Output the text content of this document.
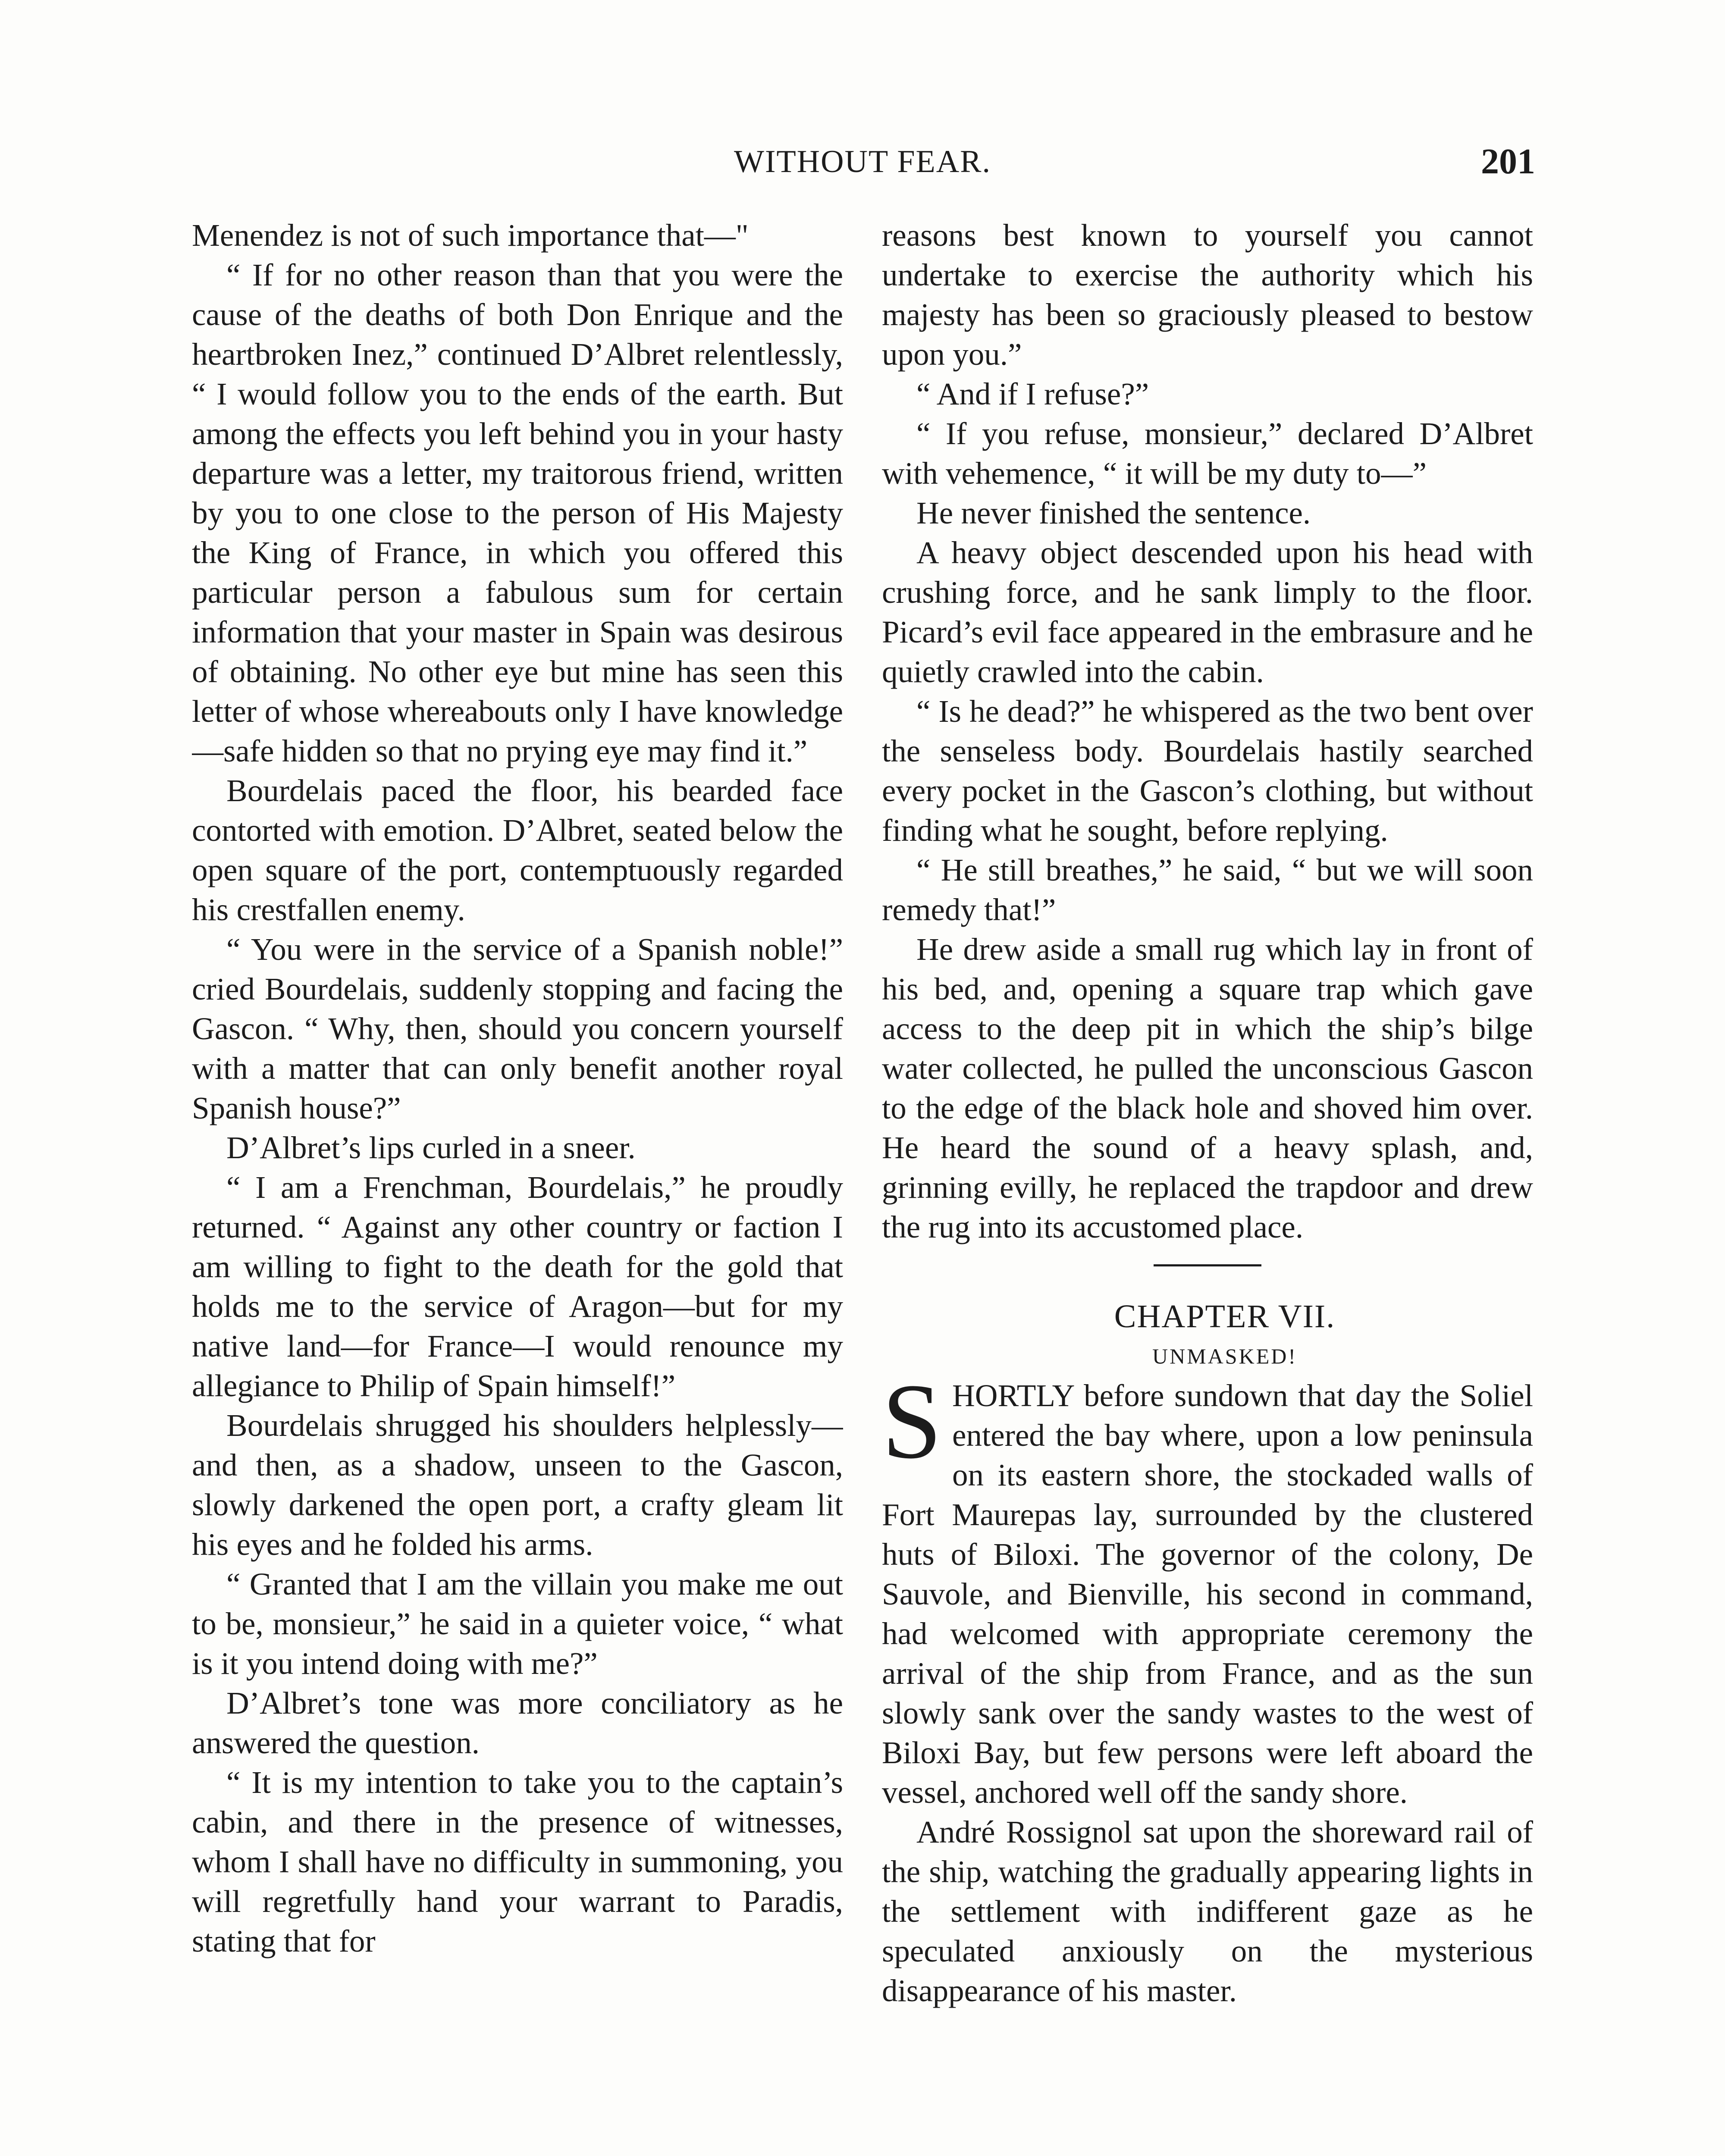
WITHOUT FEAR.	201

Menendez is not of such importance that—"

“ If for no other reason than that you were the cause of the deaths of both Don Enrique and the heartbroken Inez,” continued D’Albret relentlessly, “ I would follow you to the ends of the earth. But among the effects you left behind you in your hasty departure was a letter, my traitorous friend, written by you to one close to the person of His Majesty the King of France, in which you offered this particular person a fabulous sum for certain information that your master in Spain was desirous of obtaining. No other eye but mine has seen this letter of whose whereabouts only I have knowledge—safe hidden so that no prying eye may find it.”

Bourdelais paced the floor, his bearded face contorted with emotion. D’Albret, seated below the open square of the port, contemptuously regarded his crestfallen enemy.

“ You were in the service of a Spanish noble!” cried Bourdelais, suddenly stopping and facing the Gascon. “ Why, then, should you concern yourself with a matter that can only benefit another royal Spanish house?”

D’Albret’s lips curled in a sneer.

“ I am a Frenchman, Bourdelais,” he proudly returned. “ Against any other country or faction I am willing to fight to the death for the gold that holds me to the service of Aragon—but for my native land—for France—I would renounce my allegiance to Philip of Spain himself!”

Bourdelais shrugged his shoulders helplessly—and then, as a shadow, unseen to the Gascon, slowly darkened the open port, a crafty gleam lit his eyes and he folded his arms.

“ Granted that I am the villain you make me out to be, monsieur,” he said in a quieter voice, “ what is it you intend doing with me?”

D’Albret’s tone was more conciliatory as he answered the question.

“ It is my intention to take you to the captain’s cabin, and there in the presence of witnesses, whom I shall have no difficulty in summoning, you will regretfully hand your warrant to Paradis, stating that for

reasons best known to yourself you cannot undertake to exercise the authority which his majesty has been so graciously pleased to bestow upon you.”

“ And if I refuse?”

“ If you refuse, monsieur,” declared D’Albret with vehemence, “ it will be my duty to—”

He never finished the sentence.

A heavy object descended upon his head with crushing force, and he sank limply to the floor. Picard’s evil face appeared in the embrasure and he quietly crawled into the cabin.

“ Is he dead?” he whispered as the two bent over the senseless body. Bourdelais hastily searched every pocket in the Gascon’s clothing, but without finding what he sought, before replying.

“ He still breathes,” he said, “ but we will soon remedy that!”

He drew aside a small rug which lay in front of his bed, and, opening a square trap which gave access to the deep pit in which the ship’s bilge water collected, he pulled the unconscious Gascon to the edge of the black hole and shoved him over. He heard the sound of a heavy splash, and, grinning evilly, he replaced the trapdoor and drew the rug into its accustomed place.

CHAPTER VII.

UNMASKED!

SHORTLY before sundown that day the Soliel entered the bay where, upon a low peninsula on its eastern shore, the stockaded walls of Fort Maurepas lay, surrounded by the clustered huts of Biloxi. The governor of the colony, De Sauvole, and Bienville, his second in command, had welcomed with appropriate ceremony the arrival of the ship from France, and as the sun slowly sank over the sandy wastes to the west of Biloxi Bay, but few persons were left aboard the vessel, anchored well off the sandy shore.

André Rossignol sat upon the shoreward rail of the ship, watching the gradually appearing lights in the settlement with indifferent gaze as he speculated anxiously on the mysterious disappearance of his master.
